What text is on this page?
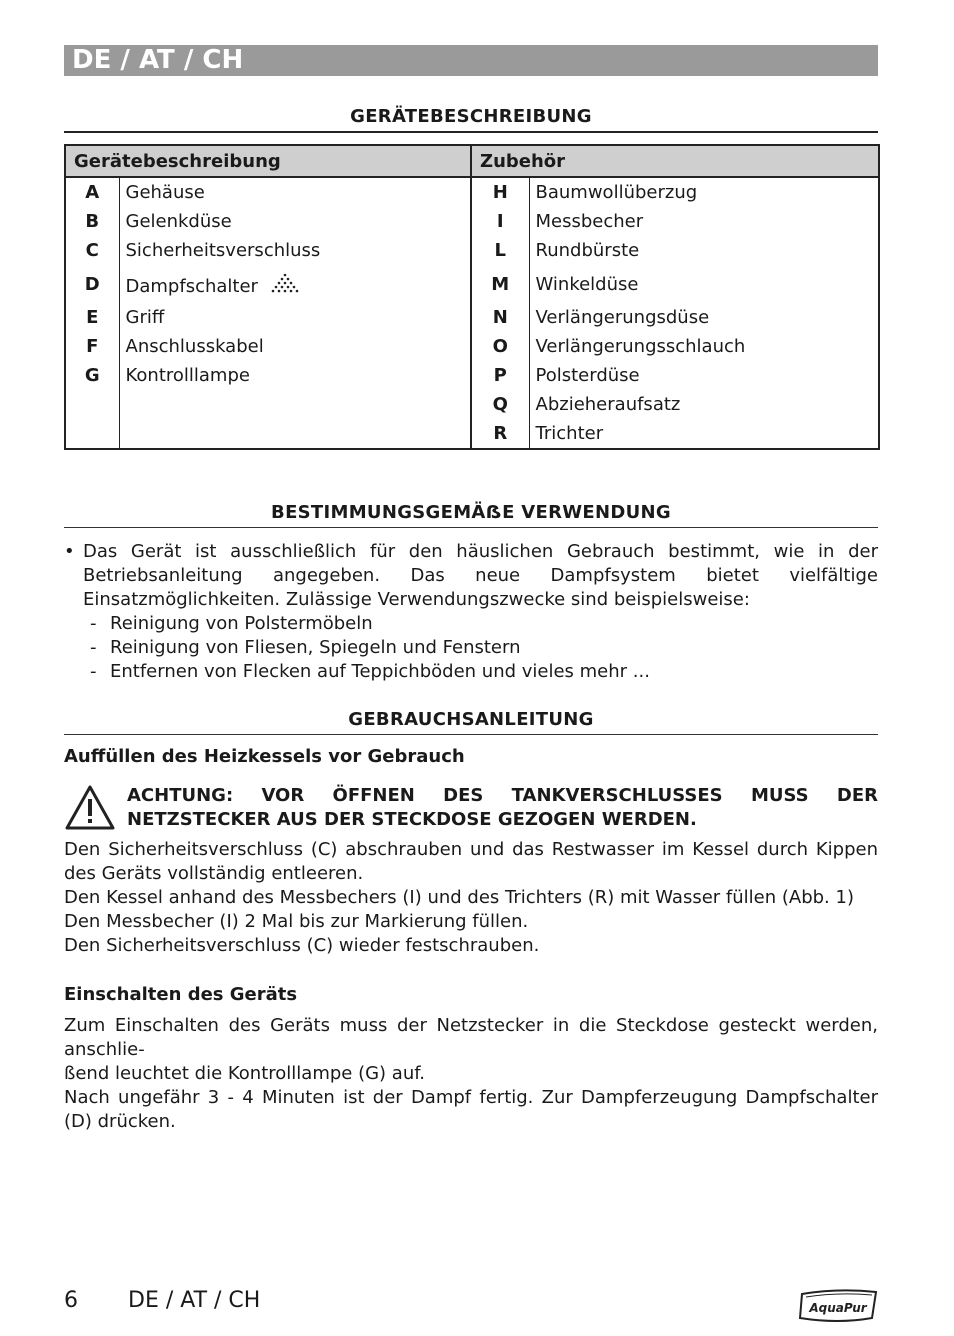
DE / AT / CH
GERÄTEBESCHREIBUNG
Gerätebeschreibung		Zubehör	
A	Gehäuse	H	Baumwollüberzug
B	Gelenkdüse	I	Messbecher
C	Sicherheitsverschluss	L	Rundbürste
D	Dampfschalter	M	Winkeldüse
E	Griff	N	Verlängerungsdüse
F	Anschlusskabel	O	Verlängerungsschlauch
G	Kontrolllampe	P	Polsterdüse
		Q	Abzieheraufsatz
		R	Trichter
BESTIMMUNGSGEMÄẞE VERWENDUNG
• Das Gerät ist ausschließlich für den häuslichen Gebrauch bestimmt, wie in der Betriebsanleitung angegeben. Das neue Dampfsystem bietet vielfältige Einsatzmöglichkeiten. Zulässige Verwendungszwecke sind beispielsweise:
- Reinigung von Polstermöbeln
- Reinigung von Fliesen, Spiegeln und Fenstern
- Entfernen von Flecken auf Teppichböden und vieles mehr ...
GEBRAUCHSANLEITUNG
Auffüllen des Heizkessels vor Gebrauch
ACHTUNG: VOR ÖFFNEN DES TANKVERSCHLUSSES MUSS DER
NETZSTECKER AUS DER STECKDOSE GEZOGEN WERDEN.
Den Sicherheitsverschluss (C) abschrauben und das Restwasser im Kessel durch Kippen des Geräts vollständig entleeren.
Den Kessel anhand des Messbechers (I) und des Trichters (R) mit Wasser füllen (Abb. 1)
Den Messbecher (I) 2 Mal bis zur Markierung füllen.
Den Sicherheitsverschluss (C) wieder festschrauben.
Einschalten des Geräts
Zum Einschalten des Geräts muss der Netzstecker in die Steckdose gesteckt werden, anschlie-
ßend leuchtet die Kontrolllampe (G) auf.
Nach ungefähr 3 - 4 Minuten ist der Dampf fertig. Zur Dampferzeugung Dampfschalter (D) drücken.
6 DE / AT / CH	AquaPur
